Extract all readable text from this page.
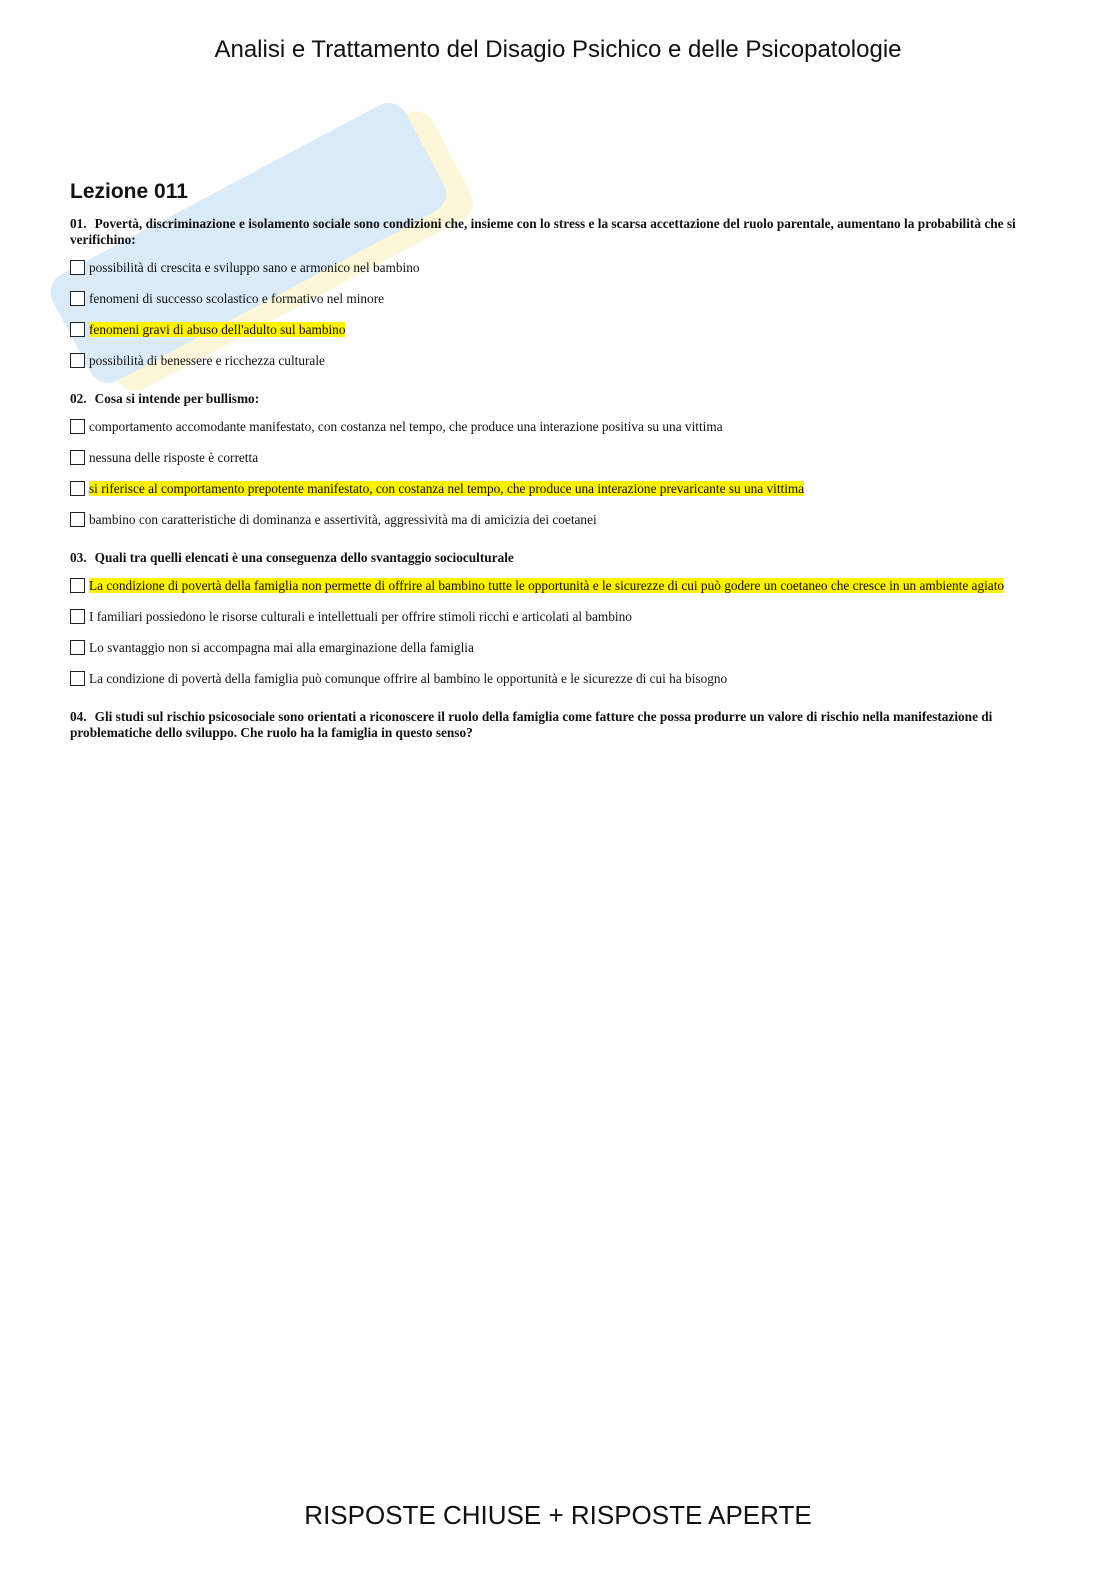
Analisi e Trattamento del Disagio Psichico e delle Psicopatologie
Lezione 011
01. Povertà, discriminazione e isolamento sociale sono condizioni che, insieme con lo stress e la scarsa accettazione del ruolo parentale, aumentano la probabilità che si verifichino:
possibilità di crescita e sviluppo sano e armonico nel bambino
fenomeni di successo scolastico e formativo nel minore
fenomeni gravi di abuso dell'adulto sul bambino
possibilità di benessere e ricchezza culturale
02. Cosa si intende per bullismo:
comportamento accomodante manifestato, con costanza nel tempo, che produce una interazione positiva su una vittima
nessuna delle risposte è corretta
si riferisce al comportamento prepotente manifestato, con costanza nel tempo, che produce una interazione prevaricante su una vittima
bambino con caratteristiche di dominanza e assertività, aggressività ma di amicizia dei coetanei
03. Quali tra quelli elencati è una conseguenza dello svantaggio socioculturale
La condizione di povertà della famiglia non permette di offrire al bambino tutte le opportunità e le sicurezze di cui può godere un coetaneo che cresce in un ambiente agiato
I familiari possiedono le risorse culturali e intellettuali per offrire stimoli ricchi e articolati al bambino
Lo svantaggio non si accompagna mai alla emarginazione della famiglia
La condizione di povertà della famiglia può comunque offrire al bambino le opportunità e le sicurezze di cui ha bisogno
04. Gli studi sul rischio psicosociale sono orientati a riconoscere il ruolo della famiglia come fatture che possa produrre un valore di rischio nella manifestazione di problematiche dello sviluppo. Che ruolo ha la famiglia in questo senso?
RISPOSTE CHIUSE + RISPOSTE APERTE
